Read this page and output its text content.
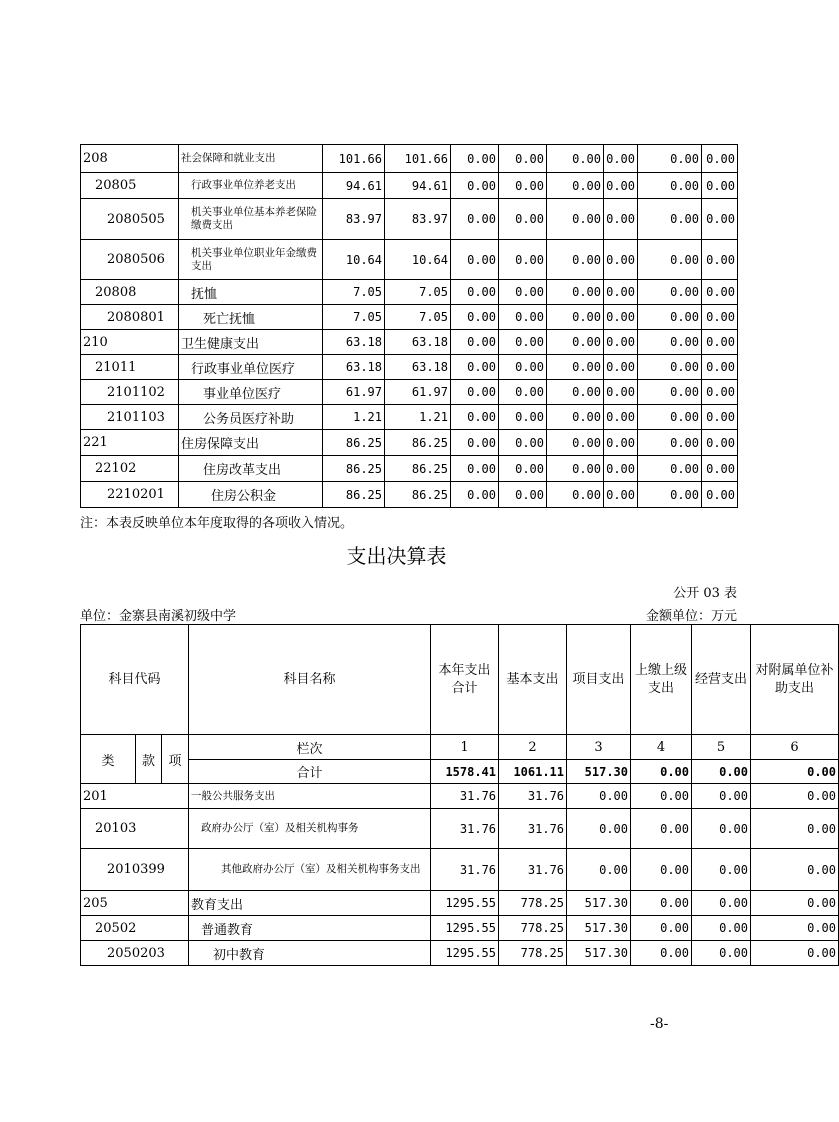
208	社会保障和就业支出	101.66	101.66	0.00	0.00	0.00	0.00	0.00	0.00
20805	行政事业单位养老支出	94.61	94.61	0.00	0.00	0.00	0.00	0.00	0.00
2080505	机关事业单位基本养老保险缴费支出	83.97	83.97	0.00	0.00	0.00	0.00	0.00	0.00
2080506	机关事业单位职业年金缴费支出	10.64	10.64	0.00	0.00	0.00	0.00	0.00	0.00
20808	抚恤	7.05	7.05	0.00	0.00	0.00	0.00	0.00	0.00
2080801	死亡抚恤	7.05	7.05	0.00	0.00	0.00	0.00	0.00	0.00
210	卫生健康支出	63.18	63.18	0.00	0.00	0.00	0.00	0.00	0.00
21011	行政事业单位医疗	63.18	63.18	0.00	0.00	0.00	0.00	0.00	0.00
2101102	事业单位医疗	61.97	61.97	0.00	0.00	0.00	0.00	0.00	0.00
2101103	公务员医疗补助	1.21	1.21	0.00	0.00	0.00	0.00	0.00	0.00
221	住房保障支出	86.25	86.25	0.00	0.00	0.00	0.00	0.00	0.00
22102	住房改革支出	86.25	86.25	0.00	0.00	0.00	0.00	0.00	0.00
2210201	住房公积金	86.25	86.25	0.00	0.00	0.00	0.00	0.00	0.00
注：本表反映单位本年度取得的各项收入情况。
支出决算表
公开 03 表
单位：金寨县南溪初级中学	金额单位：万元
科目代码			科目名称	本年支出合计	基本支出	项目支出	上缴上级支出	经营支出	对附属单位补助支出
类	款	项	栏次	1	2	3	4	5	6
			合计	1578.41	1061.11	517.30	0.00	0.00	0.00
201			一般公共服务支出	31.76	31.76	0.00	0.00	0.00	0.00
20103			政府办公厅（室）及相关机构事务	31.76	31.76	0.00	0.00	0.00	0.00
2010399			其他政府办公厅（室）及相关机构事务支出	31.76	31.76	0.00	0.00	0.00	0.00
205			教育支出	1295.55	778.25	517.30	0.00	0.00	0.00
20502			普通教育	1295.55	778.25	517.30	0.00	0.00	0.00
2050203			初中教育	1295.55	778.25	517.30	0.00	0.00	0.00
-8-
